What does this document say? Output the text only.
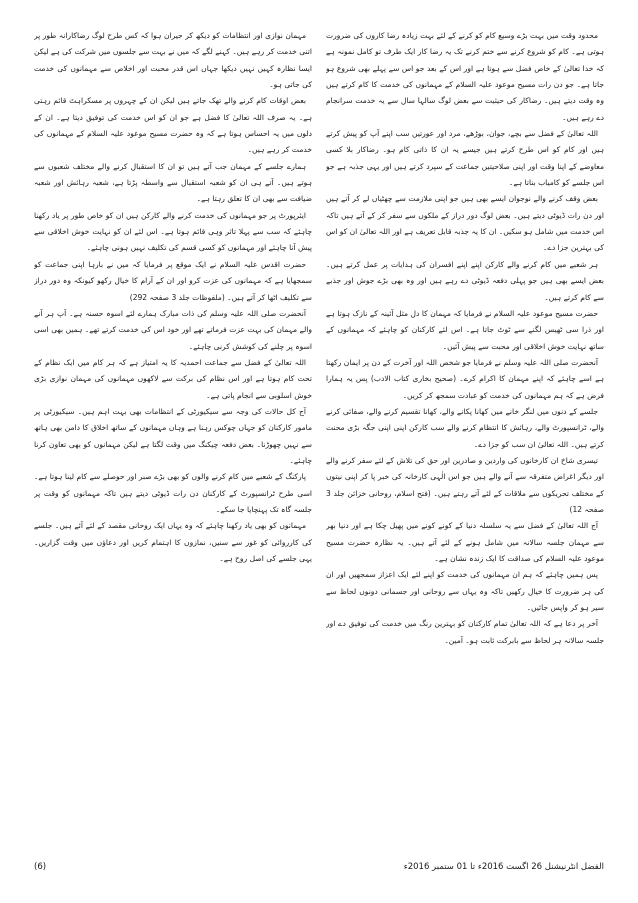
محدود وقت میں بہت بڑے وسیع کام کو کرنے کے لئے بہت زیادہ رضا کاروں کی ضرورت ہوتی ہے۔ کام کو شروع کرنے سے ختم کرنے تک یہ رضا کار ایک طرف تو کامل نمونہ ہے کہ خدا تعالیٰ کے خاص فضل سے ہوتا ہے اور اس کے بعد جو اس سے پہلے بھی شروع ہو جاتا ہے۔ جو دن رات مسیح موعود علیہ السلام کے مہمانوں کی خدمت کا کام کرتے ہیں وہ وقت دیتے ہیں۔ رضاکار کی حیثیت سے بعض لوگ سالہا سال سے یہ خدمت سرانجام دے رہے ہیں۔

اللہ تعالیٰ کے فضل سے بچے، جوان، بوڑھے، مرد اور عورتیں سب اپنے آپ کو پیش کرتے ہیں اور کام کو اس طرح کرتے ہیں جیسے یہ ان کا ذاتی کام ہو۔ رضاکار بلا کسی معاوضے کے اپنا وقت اور اپنی صلاحیتیں جماعت کے سپرد کرتے ہیں اور یہی جذبہ ہے جو اس جلسے کو کامیاب بناتا ہے۔

بعض وقف کرنے والے نوجوان ایسے بھی ہیں جو اپنی ملازمت سے چھٹیاں لے کر آتے ہیں اور دن رات ڈیوٹی دیتے ہیں۔ بعض لوگ دور دراز کے ملکوں سے سفر کر کے آتے ہیں تاکہ اس خدمت میں شامل ہو سکیں۔ ان کا یہ جذبہ قابل تعریف ہے اور اللہ تعالیٰ ان کو اس کی بہترین جزا دے۔

ہر شعبے میں کام کرنے والے کارکن اپنے اپنے افسران کی ہدایات پر عمل کرتے ہیں۔ بعض ایسے بھی ہیں جو پہلی دفعہ ڈیوٹی دے رہے ہیں اور وہ بھی بڑے جوش اور جذبے سے کام کرتے ہیں۔

حضرت مسیح موعود علیہ السلام نے فرمایا کہ مہمان کا دل مثل آئینہ کے نازک ہوتا ہے اور ذرا سی ٹھیس لگنے سے ٹوٹ جاتا ہے۔ اس لئے کارکنان کو چاہئے کہ مہمانوں کے ساتھ نہایت خوش اخلاقی اور محبت سے پیش آئیں۔

آنحضرت صلی اللہ علیہ وسلم نے فرمایا جو شخص اللہ اور آخرت کے دن پر ایمان رکھتا ہے اسے چاہئے کہ اپنے مہمان کا اکرام کرے۔ (صحیح بخاری کتاب الادب) پس یہ ہمارا فرض ہے کہ ہم مہمانوں کی خدمت کو عبادت سمجھ کر کریں۔

جلسے کے دنوں میں لنگر خانے میں کھانا پکانے والے، کھانا تقسیم کرنے والے، صفائی کرنے والے، ٹرانسپورٹ والے، رہائش کا انتظام کرنے والے سب کارکن اپنی اپنی جگہ بڑی محنت کرتے ہیں۔ اللہ تعالیٰ ان سب کو جزا دے۔

تیسری شاخ ان کارخانوں کی واردین و صادرین اور حق کی تلاش کے لئے سفر کرنے والے اور دیگر اغراض متفرقہ سے آنے والے ہیں جو اس الٰہی کارخانہ کی خبر پا کر اپنی نیتوں کے مختلف تحریکوں سے ملاقات کے لئے آتے رہتے ہیں۔ (فتح اسلام، روحانی خزائن جلد 3 صفحہ 12)

آج اللہ تعالیٰ کے فضل سے یہ سلسلہ دنیا کے کونے کونے میں پھیل چکا ہے اور دنیا بھر سے مہمان جلسہ سالانہ میں شامل ہونے کے لئے آتے ہیں۔ یہ نظارہ حضرت مسیح موعود علیہ السلام کی صداقت کا ایک زندہ نشان ہے۔

پس ہمیں چاہئے کہ ہم ان مہمانوں کی خدمت کو اپنے لئے ایک اعزاز سمجھیں اور ان کی ہر ضرورت کا خیال رکھیں تاکہ وہ یہاں سے روحانی اور جسمانی دونوں لحاظ سے سیر ہو کر واپس جائیں۔

آخر پر دعا ہے کہ اللہ تعالیٰ تمام کارکنان کو بہترین رنگ میں خدمت کی توفیق دے اور جلسہ سالانہ ہر لحاظ سے بابرکت ثابت ہو۔ آمین۔

مہمان نوازی اور انتظامات کو دیکھ کر حیران ہوا کہ کس طرح لوگ رضاکارانہ طور پر اتنی خدمت کر رہے ہیں۔ کہنے لگے کہ میں نے بہت سے جلسوں میں شرکت کی ہے لیکن ایسا نظارہ کہیں نہیں دیکھا جہاں اس قدر محبت اور اخلاص سے مہمانوں کی خدمت کی جاتی ہو۔

بعض اوقات کام کرنے والے تھک جاتے ہیں لیکن ان کے چہروں پر مسکراہٹ قائم رہتی ہے۔ یہ صرف اللہ تعالیٰ کا فضل ہے جو ان کو اس خدمت کی توفیق دیتا ہے۔ ان کے دلوں میں یہ احساس ہوتا ہے کہ وہ حضرت مسیح موعود علیہ السلام کے مہمانوں کی خدمت کر رہے ہیں۔

ہمارے جلسے کے مہمان جب آتے ہیں تو ان کا استقبال کرنے والے مختلف شعبوں سے ہوتے ہیں۔ آتے ہی ان کو شعبہ استقبال سے واسطہ پڑتا ہے، شعبہ رہائش اور شعبہ ضیافت سے بھی ان کا تعلق رہتا ہے۔

ایئرپورٹ پر جو مہمانوں کی خدمت کرنے والے کارکن ہیں ان کو خاص طور پر یاد رکھنا چاہئے کہ سب سے پہلا تاثر وہی قائم ہوتا ہے۔ اس لئے ان کو نہایت خوش اخلاقی سے پیش آنا چاہئے اور مہمانوں کو کسی قسم کی تکلیف نہیں ہونی چاہئے۔

حضرت اقدس علیہ السلام نے ایک موقع پر فرمایا کہ میں نے بارہا اپنی جماعت کو سمجھایا ہے کہ مہمانوں کی عزت کرو اور ان کے آرام کا خیال رکھو کیونکہ وہ دور دراز سے تکلیف اٹھا کر آتے ہیں۔ (ملفوظات جلد 3 صفحہ 292)

آنحضرت صلی اللہ علیہ وسلم کی ذات مبارک ہمارے لئے اسوہ حسنہ ہے۔ آپ ہر آنے والے مہمان کی بہت عزت فرماتے تھے اور خود اس کی خدمت کرتے تھے۔ ہمیں بھی اسی اسوہ پر چلنے کی کوشش کرنی چاہئے۔

اللہ تعالیٰ کے فضل سے جماعت احمدیہ کا یہ امتیاز ہے کہ ہر کام میں ایک نظام کے تحت کام ہوتا ہے اور اس نظام کی برکت سے لاکھوں مہمانوں کی مہمان نوازی بڑی خوش اسلوبی سے انجام پاتی ہے۔

آج کل حالات کی وجہ سے سیکیورٹی کے انتظامات بھی بہت اہم ہیں۔ سیکیورٹی پر مامور کارکنان کو جہاں چوکس رہنا ہے وہاں مہمانوں کے ساتھ اخلاق کا دامن بھی ہاتھ سے نہیں چھوڑنا۔ بعض دفعہ چیکنگ میں وقت لگتا ہے لیکن مہمانوں کو بھی تعاون کرنا چاہئے۔

پارکنگ کے شعبے میں کام کرنے والوں کو بھی بڑے صبر اور حوصلے سے کام لینا ہوتا ہے۔ اسی طرح ٹرانسپورٹ کے کارکنان دن رات ڈیوٹی دیتے ہیں تاکہ مہمانوں کو وقت پر جلسہ گاہ تک پہنچایا جا سکے۔

مہمانوں کو بھی یاد رکھنا چاہئے کہ وہ یہاں ایک روحانی مقصد کے لئے آئے ہیں۔ جلسے کی کارروائی کو غور سے سنیں، نمازوں کا اہتمام کریں اور دعاؤں میں وقت گزاریں۔ یہی جلسے کی اصل روح ہے۔

(6)	الفضل انٹرنیشنل 26 اگست 2016ء تا 01 ستمبر 2016ء
